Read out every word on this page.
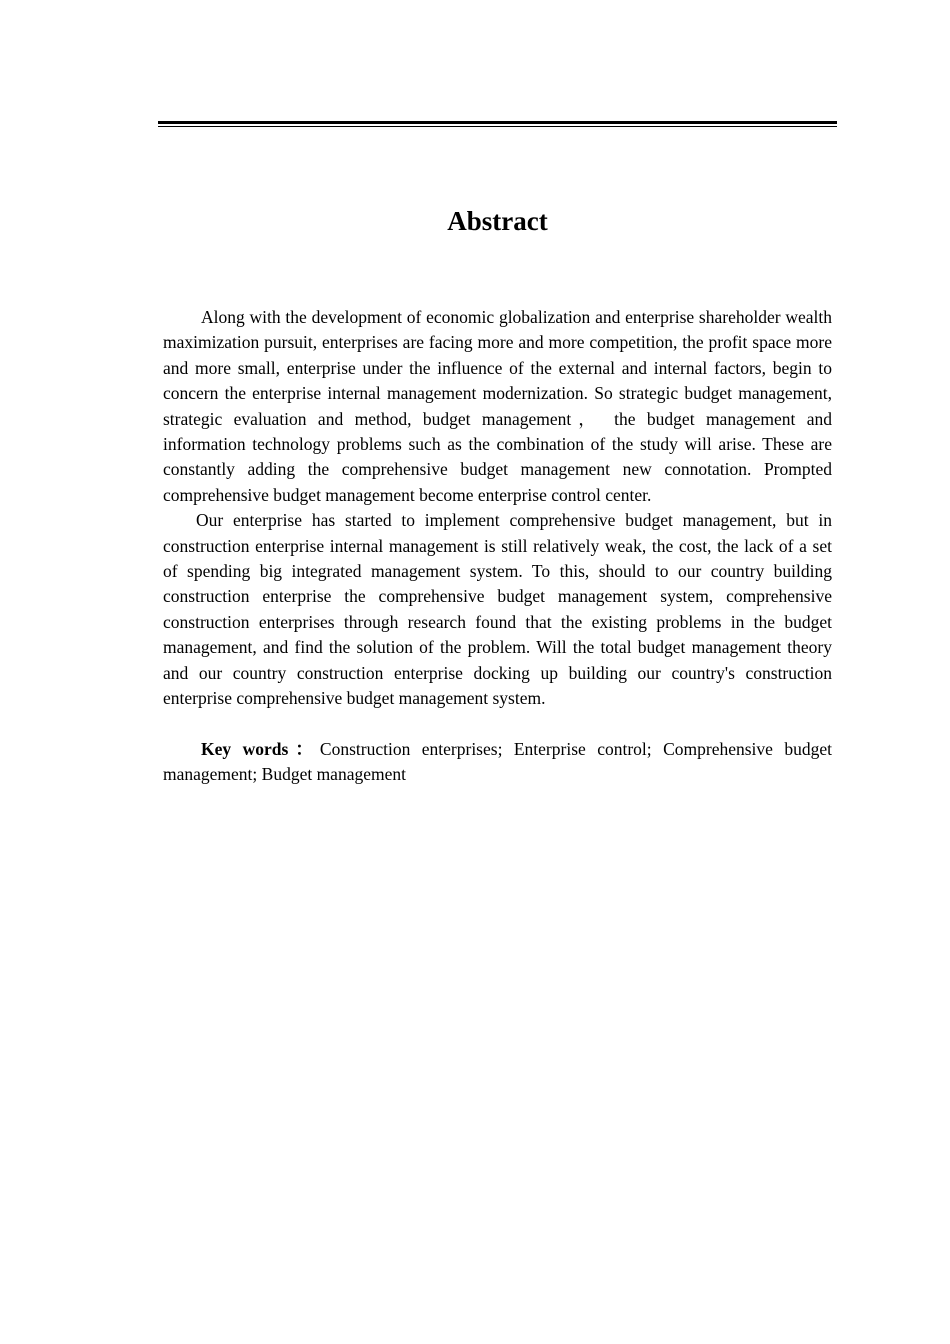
Abstract

Along with the development of economic globalization and enterprise shareholder wealth maximization pursuit, enterprises are facing more and more competition, the profit space more and more small, enterprise under the influence of the external and internal factors, begin to concern the enterprise internal management modernization. So strategic budget management, strategic evaluation and method, budget management， the budget management and information technology problems such as the combination of the study will arise. These are constantly adding the comprehensive budget management new connotation. Prompted comprehensive budget management become enterprise control center.

Our enterprise has started to implement comprehensive budget management, but in construction enterprise internal management is still relatively weak, the cost, the lack of a set of spending big integrated management system. To this, should to our country building construction enterprise the comprehensive budget management system, comprehensive construction enterprises through research found that the existing problems in the budget management, and find the solution of the problem. Will the total budget management theory and our country construction enterprise docking up building our country's construction enterprise comprehensive budget management system.

Key words：Construction enterprises; Enterprise control; Comprehensive budget management; Budget management
